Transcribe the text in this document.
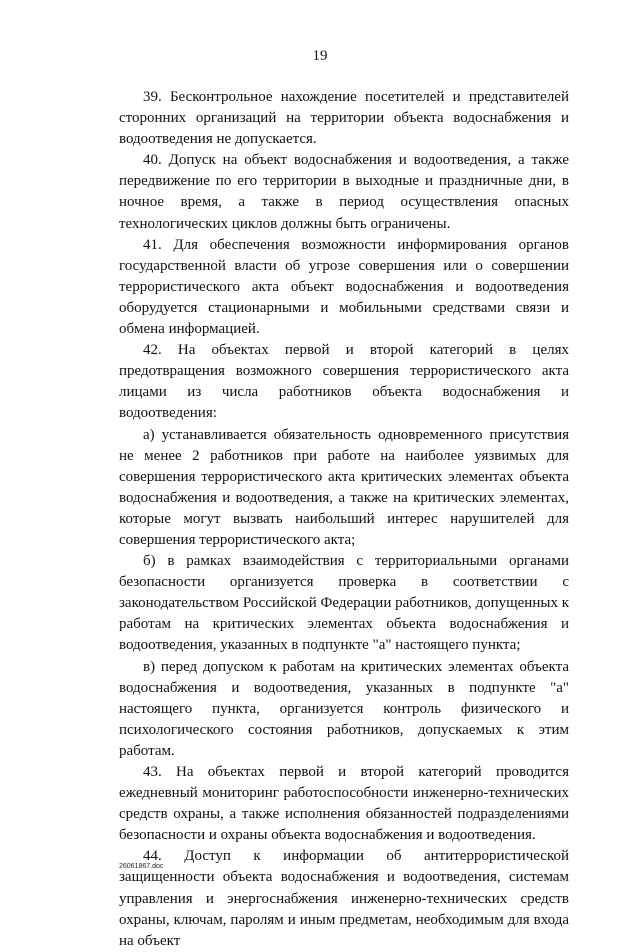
19

39. Бесконтрольное нахождение посетителей и представителей сторонних организаций на территории объекта водоснабжения и водоотведения не допускается.

40. Допуск на объект водоснабжения и водоотведения, а также передвижение по его территории в выходные и праздничные дни, в ночное время, а также в период осуществления опасных технологических циклов должны быть ограничены.

41. Для обеспечения возможности информирования органов государственной власти об угрозе совершения или о совершении террористического акта объект водоснабжения и водоотведения оборудуется стационарными и мобильными средствами связи и обмена информацией.

42. На объектах первой и второй категорий в целях предотвращения возможного совершения террористического акта лицами из числа работников объекта водоснабжения и водоотведения:

а) устанавливается обязательность одновременного присутствия не менее 2 работников при работе на наиболее уязвимых для совершения террористического акта критических элементах объекта водоснабжения и водоотведения, а также на критических элементах, которые могут вызвать наибольший интерес нарушителей для совершения террористического акта;

б) в рамках взаимодействия с территориальными органами безопасности организуется проверка в соответствии с законодательством Российской Федерации работников, допущенных к работам на критических элементах объекта водоснабжения и водоотведения, указанных в подпункте "а" настоящего пункта;

в) перед допуском к работам на критических элементах объекта водоснабжения и водоотведения, указанных в подпункте "а" настоящего пункта, организуется контроль физического и психологического состояния работников, допускаемых к этим работам.

43. На объектах первой и второй категорий проводится ежедневный мониторинг работоспособности инженерно-технических средств охраны, а также исполнения обязанностей подразделениями безопасности и охраны объекта водоснабжения и водоотведения.

44. Доступ к информации об антитеррористической защищенности объекта водоснабжения и водоотведения, системам управления и энергоснабжения инженерно-технических средств охраны, ключам, паролям и иным предметам, необходимым для входа на объект

26061867.doc
